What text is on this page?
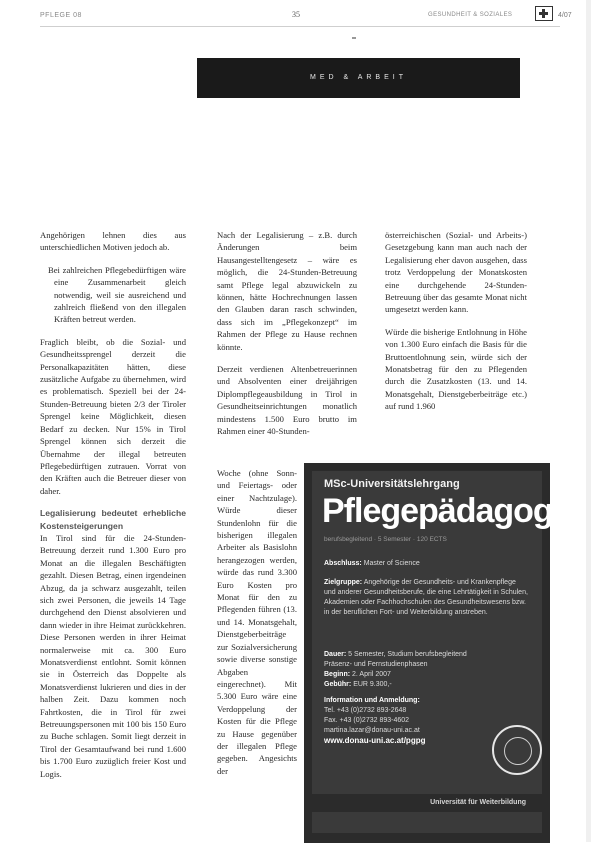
PFLEGE 08	35	GESUNDHEIT & SOZIALES	4/07
MED & ARBEIT

Angehörigen lehnen dies aus unterschiedlichen Motiven jedoch ab.

Bei zahlreichen Pflegebedürftigen wäre eine Zusammenarbeit gleich notwendig, weil sie ausreichend und zahlreich fließend von den illegalen Kräften betreut werden.

Fraglich bleibt, ob die Sozial- und Gesundheitssprengel derzeit die Personalkapazitäten hätten, diese zusätzliche Aufgabe zu übernehmen, wird es problematisch. Speziell bei der 24-Stunden-Betreuung bieten 2/3 der Tiroler Sprengel keine Möglichkeit, diesen Bedarf zu decken. Nur 15% in Tirol Sprengel können sich derzeit die Übernahme der illegal betreuten Pflegebedürftigen zutrauen. Vorrat von den Kräften auch die Betreuer dieser von daher.

Legalisierung bedeutet erhebliche Kostensteigerungen

In Tirol sind für die 24-Stunden-Betreuung derzeit rund 1.300 Euro pro Monat an die illegalen Beschäftigten gezahlt. Diesen Betrag, einen irgendeinen Abzug, da ja schwarz ausgezahlt, teilen sich zwei Personen, die jeweils 14 Tage durchgehend den Dienst absolvieren und dann wieder in ihre Heimat zurückkehren. Diese Personen werden in ihrer Heimat normalerweise mit ca. 300 Euro Monatsverdienst entlohnt. Somit können sie in Österreich das Doppelte als Monatsverdienst lukrieren und dies in der halben Zeit. Dazu kommen noch Fahrtkosten, die in Tirol für zwei Betreuungspersonen mit 100 bis 150 Euro zu Buche schlagen. Somit liegt derzeit in Tirol der Gesamtaufwand bei rund 1.600 bis 1.700 Euro zuzüglich freier Kost und Logis.

Nach der Legalisierung – z.B. durch Änderungen beim Hausangestelltengesetz – wäre es möglich, die 24-Stunden-Betreuung samt Pflege legal abzuwickeln zu können, hätte Hochrechnungen lassen den Glauben daran rasch schwinden, dass sich im „Pflegekonzept“ im Rahmen der Pflege zu Hause rechnen könnte.

Derzeit verdienen Altenbetreuerinnen und Absolventen einer dreijährigen Diplompflegeausbildung in Tirol in Gesundheitseinrichtungen monatlich mindestens 1.500 Euro brutto im Rahmen einer 40-Stunden-

Woche (ohne Sonn- und Feiertags- oder einer Nachtzulage). Würde dieser Stundenlohn für die bisherigen illegalen Arbeiter als Basislohn herangezogen werden, würde das rund 3.300 Euro Kosten pro Monat für den zu Pflegenden führen (13. und 14. Monatsgehalt, Dienstgeberbeiträge zur Sozialversicherung sowie diverse sonstige Abgaben eingerechnet). Mit 5.300 Euro wäre eine Verdoppelung der Kosten für die Pflege zu Hause gegenüber der illegalen Pflege gegeben. Angesichts der

österreichischen (Sozial- und Arbeits-) Gesetzgebung kann man auch nach der Legalisierung eher davon ausgehen, dass trotz Verdoppelung der Monatskosten eine durchgehende 24-Stunden-Betreuung über das gesamte Monat nicht umgesetzt werden kann.

Würde die bisherige Entlohnung in Höhe von 1.300 Euro einfach die Basis für die Bruttoentlohnung sein, würde sich der Monatsbetrag für den zu Pflegenden durch die Zusatzkosten (13. und 14. Monatsgehalt, Dienstgeberbeiträge etc.) auf rund 1.960

MSc-Universitätslehrgang
Pflegepädagogik
berufsbegleitend · 5 Semester · 120 ECTS
Abschluss: Master of Science
Zielgruppe: Angehörige der Gesundheits- und Krankenpflege und anderer Gesundheitsberufe, die eine Lehrtätigkeit in Schulen, Akademien oder Fachhochschulen des Gesundheitswesens bzw. in der beruflichen Fort- und Weiterbildung anstreben.
Dauer: 5 Semester, Studium berufsbegleitend
Präsenz- und Fernstudienphasen
Beginn: 2. April 2007
Gebühr: EUR 9.300,-
Information und Anmeldung:
Tel. +43 (0)2732 893-2648
Fax. +43 (0)2732 893-4602
martina.lazar@donau-uni.ac.at
www.donau-uni.ac.at/pgpg
Universität für Weiterbildung
